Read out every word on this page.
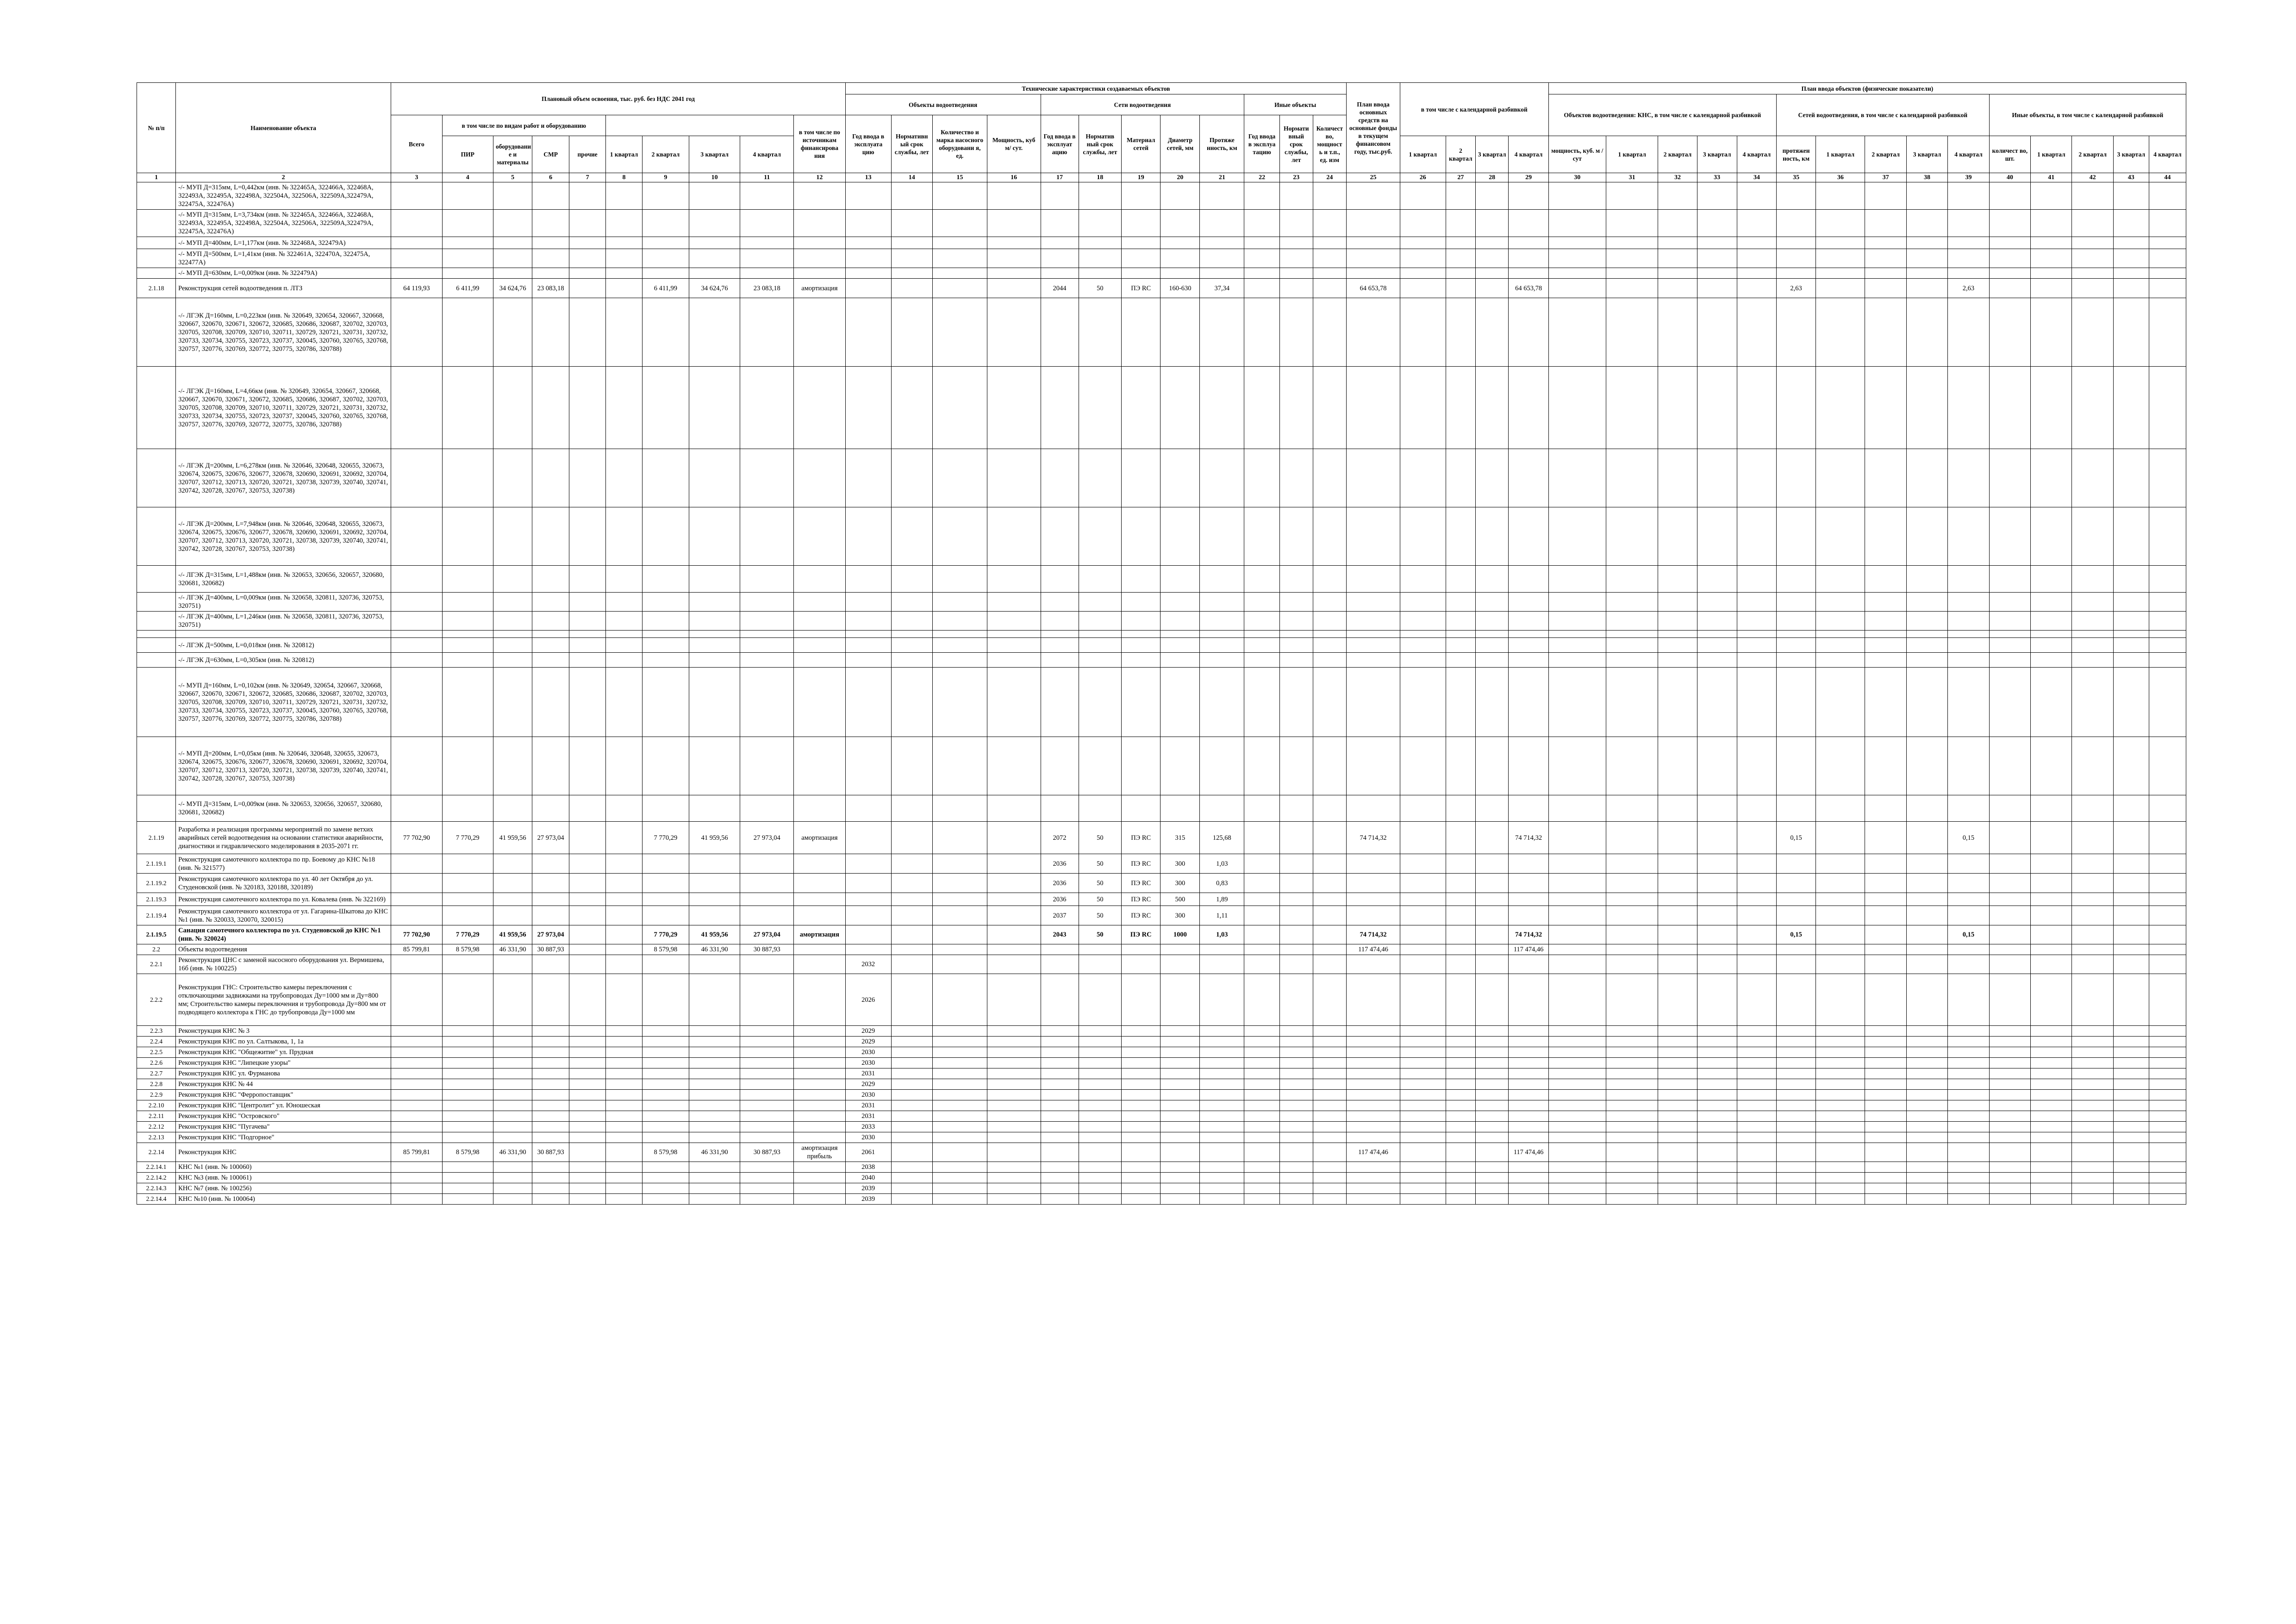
№ п/п	Наименование объекта	Плановый объем освоения, тыс. руб. без НДС 2041 год										Технические характеристики создаваемых объектов												План ввода основных средств на основные фонды в текущем финансовом году, тыс.руб.	в том числе с календарной разбивкой				План ввода объектов (физические показатели)														
												Объекты водоотведения				Сети водоотведения					Иные объекты								Объектов водоотведения: КНС, в том числе с календарной разбивкой					Сетей водоотведения, в том числе с календарной разбивкой					Иные объекты, в том числе с календарной разбивкой				
		Всего	в том числе по видам работ и оборудованию								в том числе по источникам финансирова ния	Год ввода в эксплуата цию	Нормативн ый срок службы, лет	Количество и марка насосного оборудовани я, ед.	Мощность, куб м/ сут.	Год ввода в эксплуат ацию	Норматив ный срок службы, лет	Материал сетей	Диаметр сетей, мм	Протяже нность, км	Год ввода в эксплуа тацию	Нормати вный срок службы, лет	Количест во, мощност ь и т.п., ед. изм																				
			ПИР	оборудовани е и материалы	СМР	прочие	1 квартал	2 квартал	3 квартал	4 квартал															1 квартал	2 квартал	3 квартал	4 квартал	мощность, куб. м / сут	1 квартал	2 квартал	3 квартал	4 квартал	протяжен ность, км	1 квартал	2 квартал	3 квартал	4 квартал	количест во, шт.	1 квартал	2 квартал	3 квартал	4 квартал
1	2	3	4	5	6	7	8	9	10	11	12	13	14	15	16	17	18	19	20	21	22	23	24	25	26	27	28	29	30	31	32	33	34	35	36	37	38	39	40	41	42	43	44
	-/- МУП Д=315мм, L=0,442км (инв. № 322465А, 322466А, 322468А, 322493А, 322495А, 322498А, 322504А, 322506А, 322509А,322479А, 322475А, 322476А)																																										
	-/- МУП Д=315мм, L=3,734км (инв. № 322465А, 322466А, 322468А, 322493А, 322495А, 322498А, 322504А, 322506А, 322509А,322479А, 322475А, 322476А)																																										
	-/- МУП Д=400мм, L=1,177км (инв. № 322468А, 322479А)																																										
	-/- МУП Д=500мм, L=1,41км (инв. № 322461А, 322470А, 322475А, 322477А)																																										
	-/- МУП Д=630мм, L=0,009км (инв. № 322479А)																																										
2.1.18	Реконструкция сетей водоотведения п. ЛТЗ	64 119,93	6 411,99	34 624,76	23 083,18			6 411,99	34 624,76	23 083,18	амортизация					2044	50	ПЭ RC	160-630	37,34				64 653,78				64 653,78						2,63				2,63					
	-/- ЛГЭК Д=160мм, L=0,223км (инв. № 320649, 320654, 320667, 320668, 320667, 320670, 320671, 320672, 320685, 320686, 320687, 320702, 320703, 320705, 320708, 320709, 320710, 320711, 320729, 320721, 320731, 320732, 320733, 320734, 320755, 320723, 320737, 320045, 320760, 320765, 320768, 320757, 320776, 320769, 320772, 320775, 320786, 320788)																																										
	-/- ЛГЭК Д=160мм, L=4,66км (инв. № 320649, 320654, 320667, 320668, 320667, 320670, 320671, 320672, 320685, 320686, 320687, 320702, 320703, 320705, 320708, 320709, 320710, 320711, 320729, 320721, 320731, 320732, 320733, 320734, 320755, 320723, 320737, 320045, 320760, 320765, 320768, 320757, 320776, 320769, 320772, 320775, 320786, 320788)																																										
	-/- ЛГЭК Д=200мм, L=6,278км (инв. № 320646, 320648, 320655, 320673, 320674, 320675, 320676, 320677, 320678, 320690, 320691, 320692, 320704, 320707, 320712, 320713, 320720, 320721, 320738, 320739, 320740, 320741, 320742, 320728, 320767, 320753, 320738)																																										
	-/- ЛГЭК Д=200мм, L=7,948км (инв. № 320646, 320648, 320655, 320673, 320674, 320675, 320676, 320677, 320678, 320690, 320691, 320692, 320704, 320707, 320712, 320713, 320720, 320721, 320738, 320739, 320740, 320741, 320742, 320728, 320767, 320753, 320738)																																										
	-/- ЛГЭК Д=315мм, L=1,488км (инв. № 320653, 320656, 320657, 320680, 320681, 320682)																																										
	-/- ЛГЭК Д=400мм, L=0,009км (инв. № 320658, 320811, 320736, 320753, 320751)																																										
	-/- ЛГЭК Д=400мм, L=1,246км (инв. № 320658, 320811, 320736, 320753, 320751)																																										

	-/- ЛГЭК Д=500мм, L=0,018км (инв. № 320812)																																										
	-/- ЛГЭК Д=630мм, L=0,305км (инв. № 320812)																																										
	-/- МУП Д=160мм, L=0,102км (инв. № 320649, 320654, 320667, 320668, 320667, 320670, 320671, 320672, 320685, 320686, 320687, 320702, 320703, 320705, 320708, 320709, 320710, 320711, 320729, 320721, 320731, 320732, 320733, 320734, 320755, 320723, 320737, 320045, 320760, 320765, 320768, 320757, 320776, 320769, 320772, 320775, 320786, 320788)																																										
	-/- МУП Д=200мм, L=0,05км (инв. № 320646, 320648, 320655, 320673, 320674, 320675, 320676, 320677, 320678, 320690, 320691, 320692, 320704, 320707, 320712, 320713, 320720, 320721, 320738, 320739, 320740, 320741, 320742, 320728, 320767, 320753, 320738)																																										
	-/- МУП Д=315мм, L=0,009км (инв. № 320653, 320656, 320657, 320680, 320681, 320682)																																										
2.1.19	Разработка и реализация программы мероприятий по замене ветхих аварийных сетей водоотведения на основании статистики аварийности, диагностики и гидравлического моделирования в 2035-2071 гг.	77 702,90	7 770,29	41 959,56	27 973,04			7 770,29	41 959,56	27 973,04	амортизация					2072	50	ПЭ RC	315	125,68				74 714,32				74 714,32						0,15				0,15					
2.1.19.1	Реконструкция самотечного коллектора по пр. Боевому до КНС №18 (инв. № 321577)															2036	50	ПЭ RC	300	1,03																							
2.1.19.2	Реконструкция самотечного коллектора по ул. 40 лет Октября до ул. Студеновской (инв. № 320183, 320188, 320189)															2036	50	ПЭ RC	300	0,83																							
2.1.19.3	Реконструкция самотечного коллектора по ул. Ковалева (инв. № 322169)															2036	50	ПЭ RC	500	1,89																							
2.1.19.4	Реконструкция самотечного коллектора от ул. Гагарина-Шкатова до КНС №1 (инв. № 320033, 320070, 320015)															2037	50	ПЭ RC	300	1,11																							
2.1.19.5	Санация самотечного коллектора по ул. Студеновской до КНС №1 (инв. № 320024)	77 702,90	7 770,29	41 959,56	27 973,04			7 770,29	41 959,56	27 973,04	амортизация					2043	50	ПЭ RC	1000	1,03				74 714,32				74 714,32						0,15				0,15					
2.2	Объекты водоотведения	85 799,81	8 579,98	46 331,90	30 887,93			8 579,98	46 331,90	30 887,93														117 474,46				117 474,46															
2.2.1	Реконструкция ЦНС с заменой насосного оборудования ул. Вермишева, 16б (инв. № 100225)											2032																															
2.2.2	Реконструкция ГНС: Строительство камеры переключения с отключающими задвижками на трубопроводах Ду=1000 мм и Ду=800 мм; Строительство камеры переключения и трубопровода Ду=800 мм от подводящего коллектора к ГНС до трубопровода Ду=1000 мм											2026																															
2.2.3	Реконструкция КНС № 3											2029																															
2.2.4	Реконструкция КНС по ул. Салтыкова, 1, 1а											2029																															
2.2.5	Реконструкция КНС "Общежитие" ул. Прудная											2030																															
2.2.6	Реконструкция КНС "Липецкие узоры"											2030																															
2.2.7	Реконструкция КНС ул. Фурманова											2031																															
2.2.8	Реконструкция КНС № 44											2029																															
2.2.9	Реконструкция КНС "Ферропоставщик"											2030																															
2.2.10	Реконструкция КНС "Центролит" ул. Юношеская											2031																															
2.2.11	Реконструкция КНС "Островского"											2031																															
2.2.12	Реконструкция КНС "Пугачева"											2033																															
2.2.13	Реконструкция КНС "Подгорное"											2030																															
2.2.14	Реконструкция КНС	85 799,81	8 579,98	46 331,90	30 887,93			8 579,98	46 331,90	30 887,93	амортизация прибыль	2061												117 474,46				117 474,46															
2.2.14.1	КНС №1 (инв. № 100060)											2038																															
2.2.14.2	КНС №3 (инв. № 100061)											2040																															
2.2.14.3	КНС №7 (инв. № 100256)											2039																															
2.2.14.4	КНС №10 (инв. № 100064)											2039																															
